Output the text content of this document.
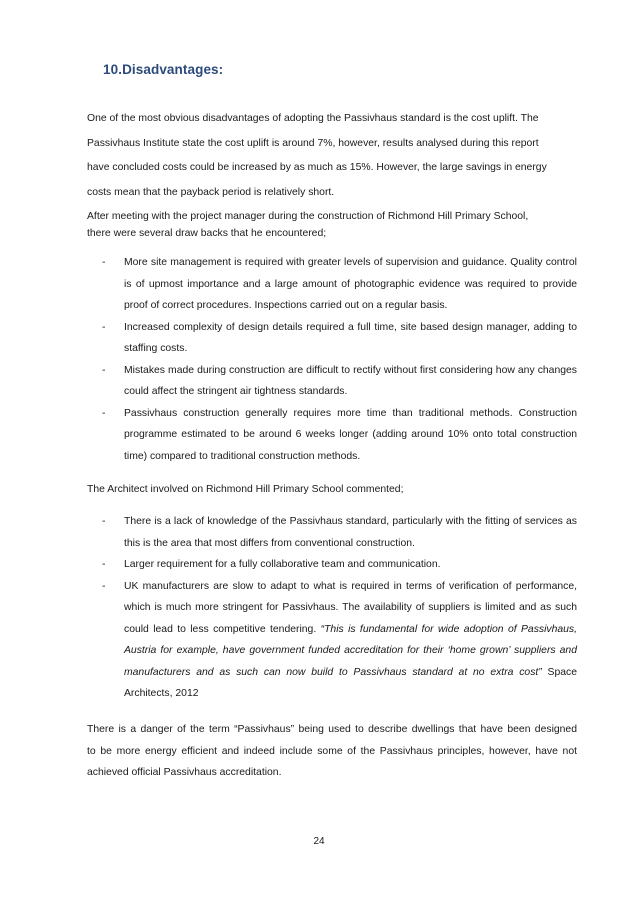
10.Disadvantages:

One of the most obvious disadvantages of adopting the Passivhaus standard is the cost uplift. The
Passivhaus Institute state the cost uplift is around 7%, however, results analysed during this report
have concluded costs could be increased by as much as 15%. However, the large savings in energy
costs mean that the payback period is relatively short.

After meeting with the project manager during the construction of Richmond Hill Primary School,
there were several draw backs that he encountered;

- More site management is required with greater levels of supervision and guidance. Quality control is of upmost importance and a large amount of photographic evidence was required to provide proof of correct procedures. Inspections carried out on a regular basis.
- Increased complexity of design details required a full time, site based design manager, adding to staffing costs.
- Mistakes made during construction are difficult to rectify without first considering how any changes could affect the stringent air tightness standards.
- Passivhaus construction generally requires more time than traditional methods. Construction programme estimated to be around 6 weeks longer (adding around 10% onto total construction time) compared to traditional construction methods.

The Architect involved on Richmond Hill Primary School commented;

- There is a lack of knowledge of the Passivhaus standard, particularly with the fitting of services as this is the area that most differs from conventional construction.
- Larger requirement for a fully collaborative team and communication.
- UK manufacturers are slow to adapt to what is required in terms of verification of performance, which is much more stringent for Passivhaus. The availability of suppliers is limited and as such could lead to less competitive tendering. “This is fundamental for wide adoption of Passivhaus, Austria for example, have government funded accreditation for their ‘home grown’ suppliers and manufacturers and as such can now build to Passivhaus standard at no extra cost” Space Architects, 2012

There is a danger of the term “Passivhaus” being used to describe dwellings that have been designed
to be more energy efficient and indeed include some of the Passivhaus principles, however, have not
achieved official Passivhaus accreditation.

24
